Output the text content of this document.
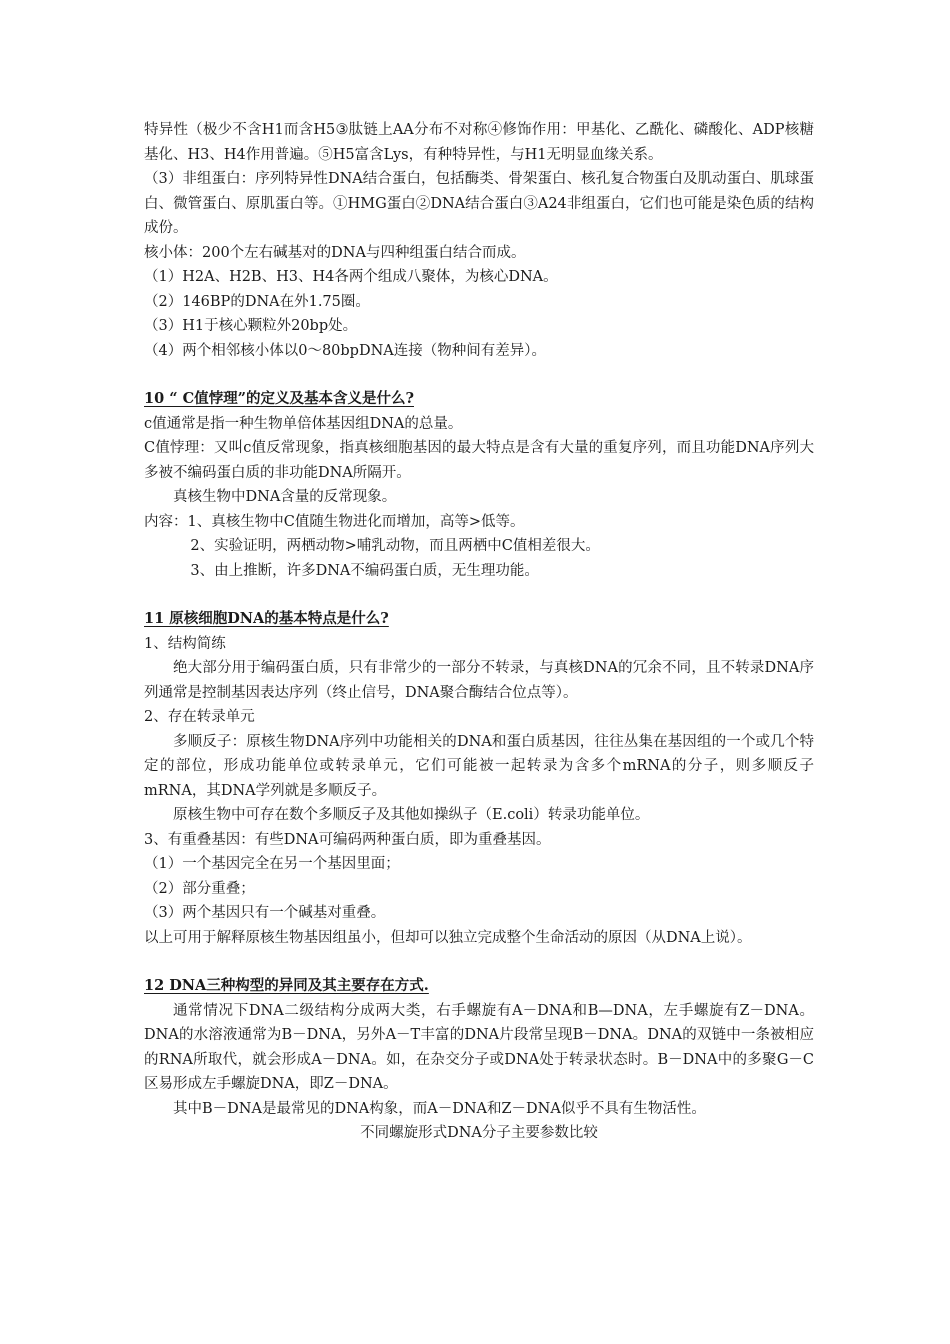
特异性（极少不含H1而含H5③肽链上AA分布不对称④修饰作用：甲基化、乙酰化、磷酸化、ADP核糖基化、H3、H4作用普遍。⑤H5富含Lys，有种特异性，与H1无明显血缘关系。

（3）非组蛋白：序列特异性DNA结合蛋白，包括酶类、骨架蛋白、核孔复合物蛋白及肌动蛋白、肌球蛋白、微管蛋白、原肌蛋白等。①HMG蛋白②DNA结合蛋白③A24非组蛋白，它们也可能是染色质的结构成份。

核小体：200个左右碱基对的DNA与四种组蛋白结合而成。

（1）H2A、H2B、H3、H4各两个组成八聚体，为核心DNA。

（2）146BP的DNA在外1.75圈。

（3）H1于核心颗粒外20bp处。

（4）两个相邻核小体以0～80bpDNA连接（物种间有差异）。

10 “ C值悖理”的定义及基本含义是什么?

c值通常是指一种生物单倍体基因组DNA的总量。

C值悖理：又叫c值反常现象，指真核细胞基因的最大特点是含有大量的重复序列，而且功能DNA序列大多被不编码蛋白质的非功能DNA所隔开。

真核生物中DNA含量的反常现象。

内容：1、真核生物中C值随生物进化而增加，高等>低等。

2、实验证明，两栖动物>哺乳动物，而且两栖中C值相差很大。

3、由上推断，许多DNA不编码蛋白质，无生理功能。

11 原核细胞DNA的基本特点是什么?

1、结构简练

绝大部分用于编码蛋白质，只有非常少的一部分不转录，与真核DNA的冗余不同，且不转录DNA序列通常是控制基因表达序列（终止信号，DNA聚合酶结合位点等）。

2、存在转录单元

多顺反子：原核生物DNA序列中功能相关的DNA和蛋白质基因，往往丛集在基因组的一个或几个特定的部位，形成功能单位或转录单元，它们可能被一起转录为含多个mRNA的分子，则多顺反子mRNA，其DNA学列就是多顺反子。

原核生物中可存在数个多顺反子及其他如操纵子（E.coli）转录功能单位。

3、有重叠基因：有些DNA可编码两种蛋白质，即为重叠基因。

（1）一个基因完全在另一个基因里面；

（2）部分重叠；

（3）两个基因只有一个碱基对重叠。

以上可用于解释原核生物基因组虽小，但却可以独立完成整个生命活动的原因（从DNA上说）。

12 DNA三种构型的异同及其主要存在方式.

通常情况下DNA二级结构分成两大类，右手螺旋有A－DNA和B—DNA，左手螺旋有Z－DNA。DNA的水溶液通常为B－DNA，另外A－T丰富的DNA片段常呈现B－DNA。DNA的双链中一条被相应的RNA所取代，就会形成A－DNA。如，在杂交分子或DNA处于转录状态时。B－DNA中的多聚G－C区易形成左手螺旋DNA，即Z－DNA。

其中B－DNA是最常见的DNA构象，而A－DNA和Z－DNA似乎不具有生物活性。

不同螺旋形式DNA分子主要参数比较
